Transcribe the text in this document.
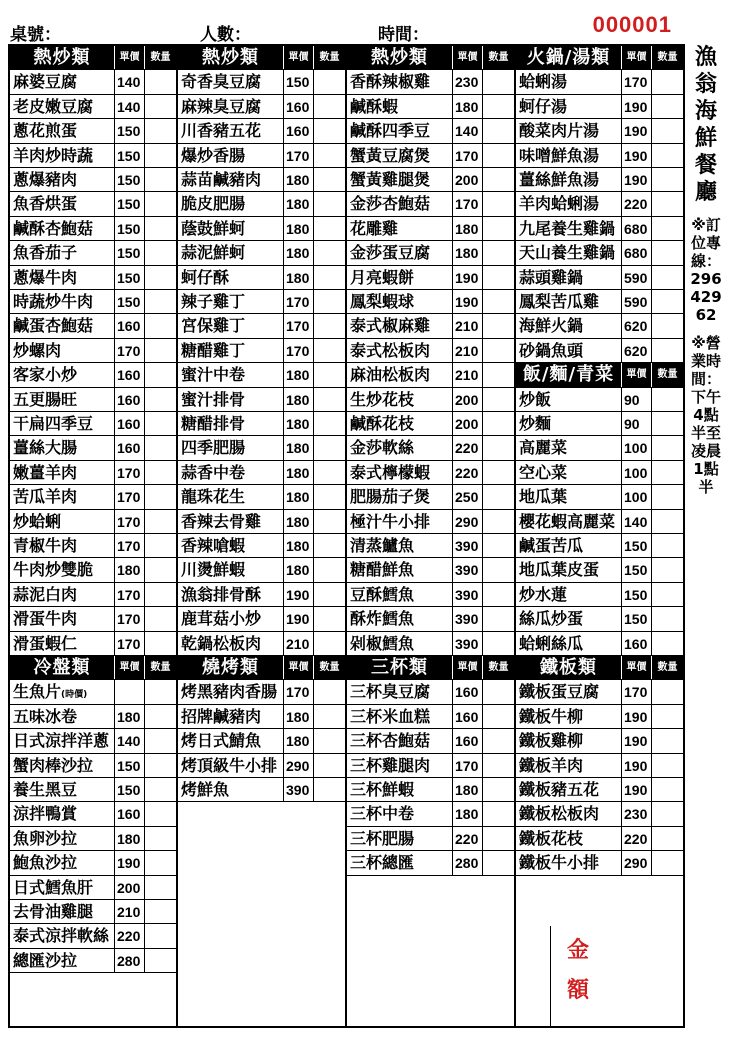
桌號：	人數：	時間：	000001
熱炒類	單價	數量
麻婆豆腐	140
老皮嫩豆腐	140
蔥花煎蛋	150
羊肉炒時蔬	150
蔥爆豬肉	150
魚香烘蛋	150
鹹酥杏鮑菇	150
魚香茄子	150
蔥爆牛肉	150
時蔬炒牛肉	150
鹹蛋杏鮑菇	160
炒螺肉	170
客家小炒	160
五更腸旺	160
干扁四季豆	160
薑絲大腸	160
嫩薑羊肉	170
苦瓜羊肉	170
炒蛤蜊	170
青椒牛肉	170
牛肉炒雙脆	180
蒜泥白肉	170
滑蛋牛肉	170
滑蛋蝦仁	170
冷盤類	單價	數量
生魚片(時價)
五味冰卷	180
日式涼拌洋蔥 140
蟹肉棒沙拉	150
養生黑豆	150
涼拌鴨賞	160
魚卵沙拉	180
鮑魚沙拉	190
日式鱈魚肝	200
去骨油雞腿	210
泰式涼拌軟絲 220
總匯沙拉	280
熱炒類	單價	數量
奇香臭豆腐	150
麻辣臭豆腐	160
川香豬五花	160
爆炒香腸	170
蒜苗鹹豬肉	180
脆皮肥腸	180
蔭鼓鮮蚵	180
蒜泥鮮蚵	180
蚵仔酥	180
辣子雞丁	170
宮保雞丁	170
糖醋雞丁	170
蜜汁中卷	180
蜜汁排骨	180
糖醋排骨	180
四季肥腸	180
蒜香中卷	180
龍珠花生	180
香辣去骨雞	180
香辣嗆蝦	180
川燙鮮蝦	180
漁翁排骨酥	190
鹿茸菇小炒	190
乾鍋松板肉	210
燒烤類	單價	數量
烤黑豬肉香腸 170
招牌鹹豬肉	180
烤日式鯖魚	180
烤頂級牛小排 290
烤鮮魚	390
熱炒類	單價	數量
香酥辣椒雞	230
鹹酥蝦	180
鹹酥四季豆	140
蟹黃豆腐煲	170
蟹黃雞腿煲	200
金莎杏鮑菇	170
花雕雞	180
金莎蛋豆腐	180
月亮蝦餅	190
鳳梨蝦球	190
泰式椒麻雞	210
泰式松板肉	210
麻油松板肉	210
生炒花枝	200
鹹酥花枝	200
金莎軟絲	220
泰式檸檬蝦	220
肥腸茄子煲	250
極汁牛小排	290
清蒸鱸魚	390
糖醋鮮魚	390
豆酥鱈魚	390
酥炸鱈魚	390
剁椒鱈魚	390
三杯類	單價	數量
三杯臭豆腐	160
三杯米血糕	160
三杯杏鮑菇	160
三杯雞腿肉	170
三杯鮮蝦	180
三杯中卷	180
三杯肥腸	220
三杯總匯	280
火鍋/湯類	單價	數量
蛤蜊湯	170
蚵仔湯	190
酸菜肉片湯	190
味噌鮮魚湯	190
薑絲鮮魚湯	190
羊肉蛤蜊湯	220
九尾養生雞鍋 680
天山養生雞鍋 680
蒜頭雞鍋	590
鳳梨苦瓜雞	590
海鮮火鍋	620
砂鍋魚頭	620
飯/麵/青菜	單價	數量
炒飯	90
炒麵	90
高麗菜	100
空心菜	100
地瓜葉	100
櫻花蝦高麗菜 140
鹹蛋苦瓜	150
地瓜葉皮蛋	150
炒水蓮	150
絲瓜炒蛋	150
蛤蜊絲瓜	160
鐵板類	單價	數量
鐵板蛋豆腐	170
鐵板牛柳	190
鐵板雞柳	190
鐵板羊肉	190
鐵板豬五花	190
鐵板松板肉	230
鐵板花枝	220
鐵板牛小排	290
金
額
漁翁海鮮餐廳
※訂位專線：29642962
※營業時間：下午4點半至凌晨1點半
